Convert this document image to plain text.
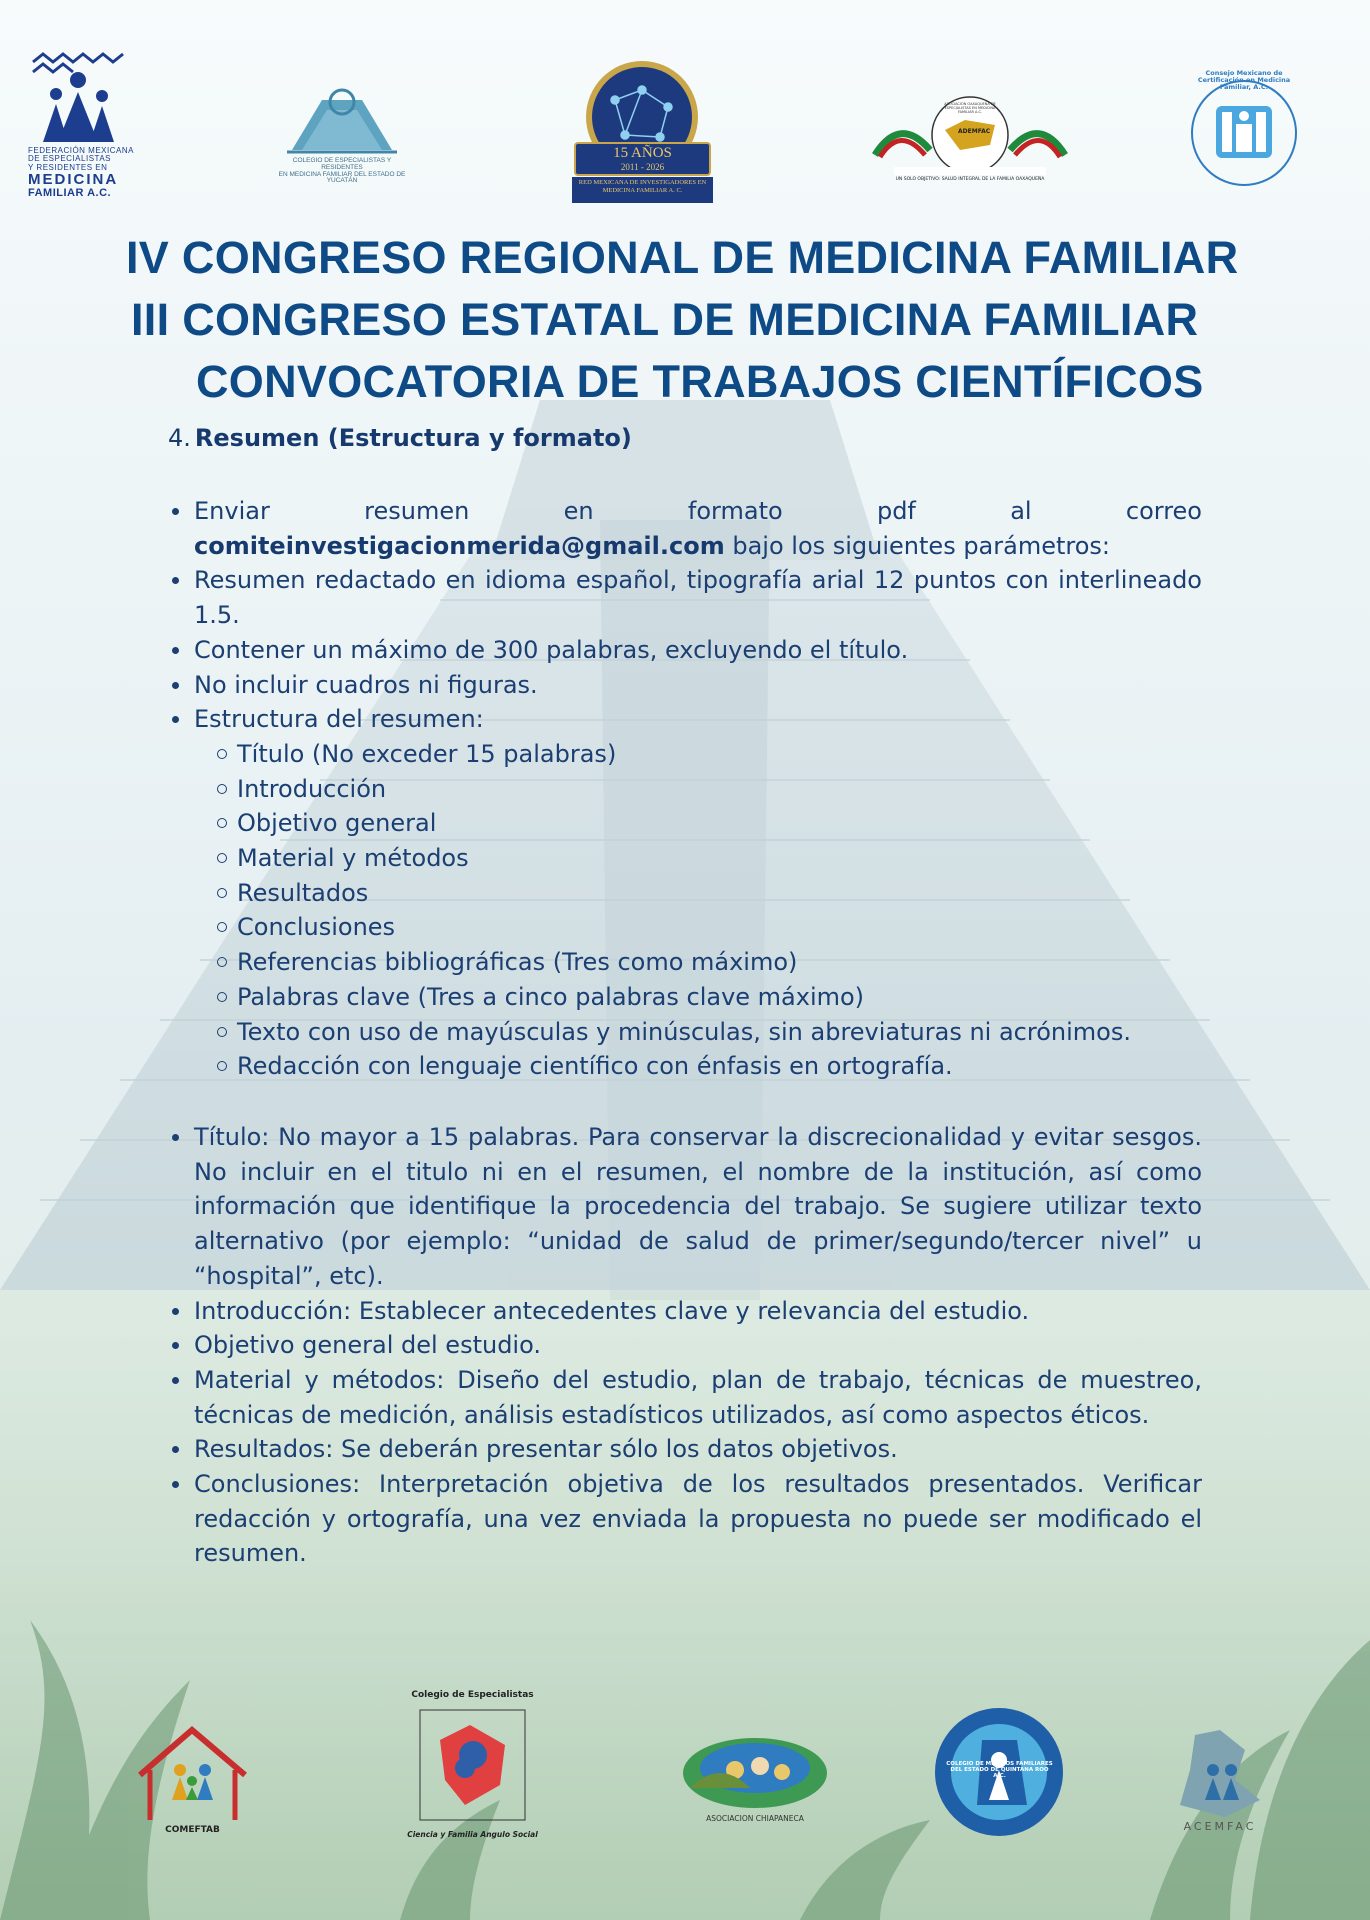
FEDERACIÓN MEXICANA
DE ESPECIALISTAS
Y RESIDENTES EN
MEDICINA
FAMILIAR A.C.
COLEGIO DE ESPECIALISTAS Y RESIDENTES
EN MEDICINA FAMILIAR DEL ESTADO DE YUCATÁN
15 AÑOS
2011 - 2026
RED MEXICANA DE INVESTIGADORES EN MEDICINA FAMILIAR A. C.
ADEMFAC
ASOCIACIÓN OAXAQUEÑA DE ESPECIALISTAS EN MEDICINA FAMILIAR A.C.
UN SOLO OBJETIVO: SALUD INTEGRAL DE LA FAMILIA OAXAQUEÑA
Consejo Mexicano de Certificación en Medicina Familiar, A.C.
IV CONGRESO REGIONAL DE MEDICINA FAMILIAR
III CONGRESO ESTATAL DE MEDICINA FAMILIAR
CONVOCATORIA DE TRABAJOS CIENTÍFICOS
4. Resumen (Estructura y formato)
Enviar resumen en formato pdf al correo
comiteinvestigacionmerida@gmail.com bajo los siguientes parámetros:
Resumen redactado en idioma español, tipografía arial 12 puntos con interlineado 1.5.
Contener un máximo de 300 palabras, excluyendo el título.
No incluir cuadros ni figuras.
Estructura del resumen:
Título (No exceder 15 palabras)
Introducción
Objetivo general
Material y métodos
Resultados
Conclusiones
Referencias bibliográficas (Tres como máximo)
Palabras clave (Tres a cinco palabras clave máximo)
Texto con uso de mayúsculas y minúsculas, sin abreviaturas ni acrónimos.
Redacción con lenguaje científico con énfasis en ortografía.
Título: No mayor a 15 palabras. Para conservar la discrecionalidad y evitar sesgos. No incluir en el titulo ni en el resumen, el nombre de la institución, así como información que identifique la procedencia del trabajo. Se sugiere utilizar texto alternativo (por ejemplo: “unidad de salud de primer/segundo/tercer nivel” u “hospital”, etc).
Introducción: Establecer antecedentes clave y relevancia del estudio.
Objetivo general del estudio.
Material y métodos: Diseño del estudio, plan de trabajo, técnicas de muestreo, técnicas de medición, análisis estadísticos utilizados, así como aspectos éticos.
Resultados: Se deberán presentar sólo los datos objetivos.
Conclusiones: Interpretación objetiva de los resultados presentados. Verificar redacción y ortografía, una vez enviada la propuesta no puede ser modificado el resumen.
COMEFTAB
Colegio de Especialistas
Ciencia y Familia Angulo Social
ASOCIACION CHIAPANECA
COLEGIO DE MEDICOS FAMILIARES DEL ESTADO DE QUINTANA ROO A.C.
ACEMFAC
